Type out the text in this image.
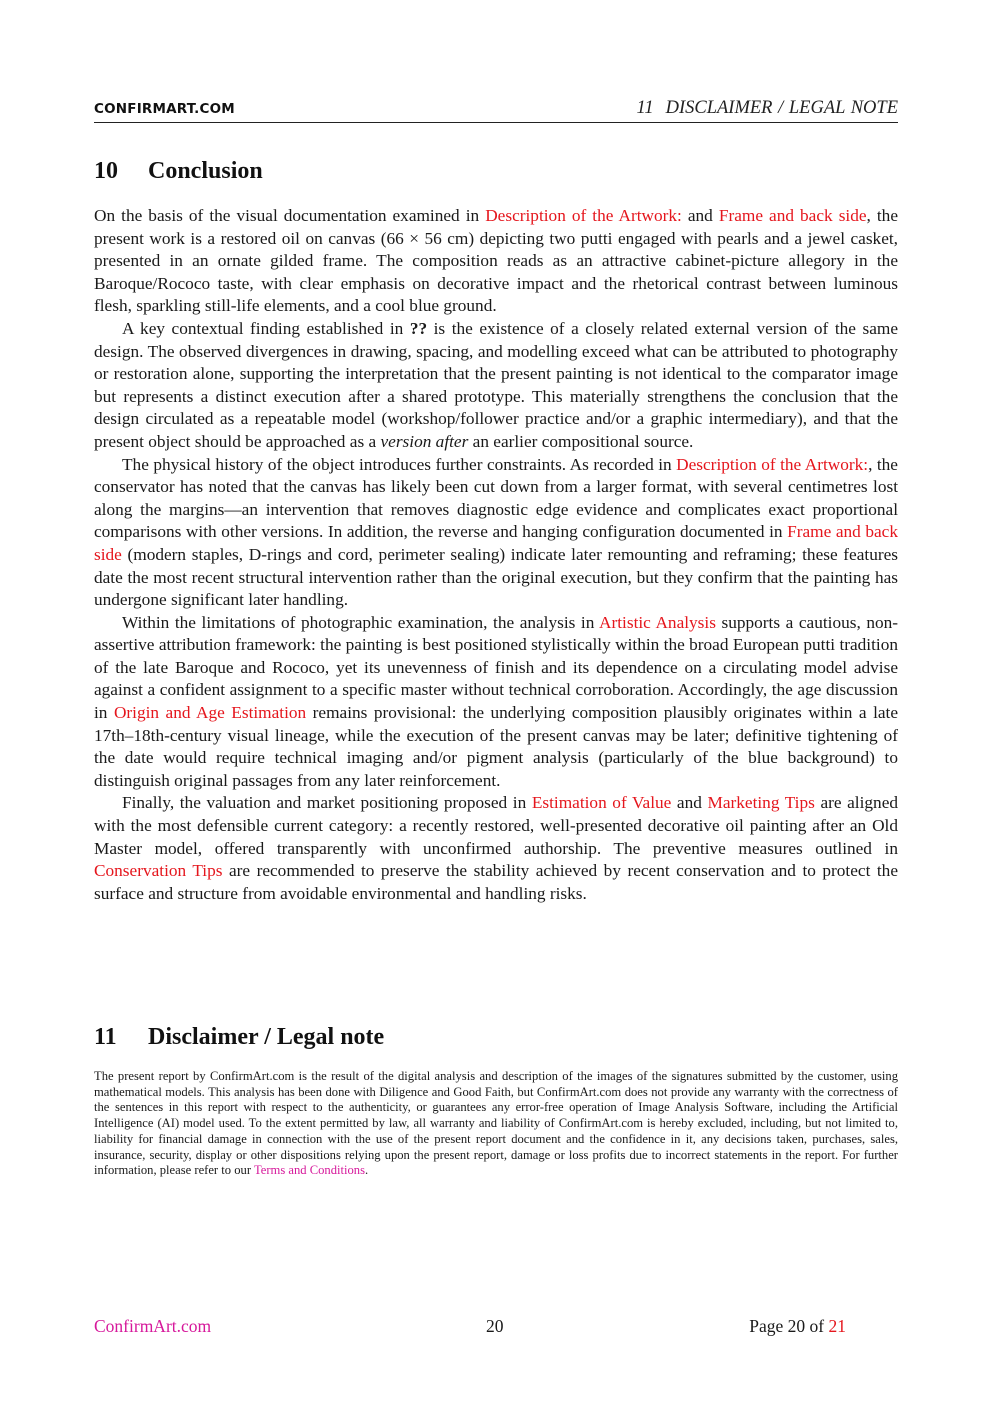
CONFIRMART.COM	11 DISCLAIMER / LEGAL NOTE
10 Conclusion

On the basis of the visual documentation examined in Description of the Artwork: and Frame and back side, the present work is a restored oil on canvas (66 × 56 cm) depicting two putti engaged with pearls and a jewel casket, presented in an ornate gilded frame. The composition reads as an attractive cabinet-picture allegory in the Baroque/Rococo taste, with clear emphasis on decorative impact and the rhetorical contrast between luminous flesh, sparkling still-life elements, and a cool blue ground.

A key contextual finding established in ?? is the existence of a closely related external version of the same design. The observed divergences in drawing, spacing, and modelling exceed what can be attributed to photography or restoration alone, supporting the interpretation that the present painting is not identical to the comparator image but represents a distinct execution after a shared prototype. This materially strengthens the conclusion that the design circulated as a repeatable model (workshop/follower practice and/or a graphic intermediary), and that the present object should be approached as a version after an earlier compositional source.

The physical history of the object introduces further constraints. As recorded in Description of the Artwork:, the conservator has noted that the canvas has likely been cut down from a larger format, with several centimetres lost along the margins—an intervention that removes diagnostic edge evidence and complicates exact proportional comparisons with other versions. In addition, the reverse and hanging configuration documented in Frame and back side (modern staples, D-rings and cord, perimeter sealing) indicate later remounting and reframing; these features date the most recent structural intervention rather than the original execution, but they confirm that the painting has undergone significant later handling.

Within the limitations of photographic examination, the analysis in Artistic Analysis supports a cautious, non-assertive attribution framework: the painting is best positioned stylistically within the broad European putti tradition of the late Baroque and Rococo, yet its unevenness of finish and its dependence on a circulating model advise against a confident assignment to a specific master without technical corroboration. Accordingly, the age discussion in Origin and Age Estimation remains provisional: the underlying composition plausibly originates within a late 17th–18th-century visual lineage, while the execution of the present canvas may be later; definitive tightening of the date would require technical imaging and/or pigment analysis (particularly of the blue background) to distinguish original passages from any later reinforcement.

Finally, the valuation and market positioning proposed in Estimation of Value and Marketing Tips are aligned with the most defensible current category: a recently restored, well-presented decorative oil painting after an Old Master model, offered transparently with unconfirmed authorship. The preventive measures outlined in Conservation Tips are recommended to preserve the stability achieved by recent conservation and to protect the surface and structure from avoidable environmental and handling risks.

11 Disclaimer / Legal note

The present report by ConfirmArt.com is the result of the digital analysis and description of the images of the signatures submitted by the customer, using mathematical models. This analysis has been done with Diligence and Good Faith, but ConfirmArt.com does not provide any warranty with the correctness of the sentences in this report with respect to the authenticity, or guarantees any error-free operation of Image Analysis Software, including the Artificial Intelligence (AI) model used. To the extent permitted by law, all warranty and liability of ConfirmArt.com is hereby excluded, including, but not limited to, liability for financial damage in connection with the use of the present report document and the confidence in it, any decisions taken, purchases, sales, insurance, security, display or other dispositions relying upon the present report, damage or loss profits due to incorrect statements in the report. For further information, please refer to our Terms and Conditions.

ConfirmArt.com	20	Page 20 of 21
